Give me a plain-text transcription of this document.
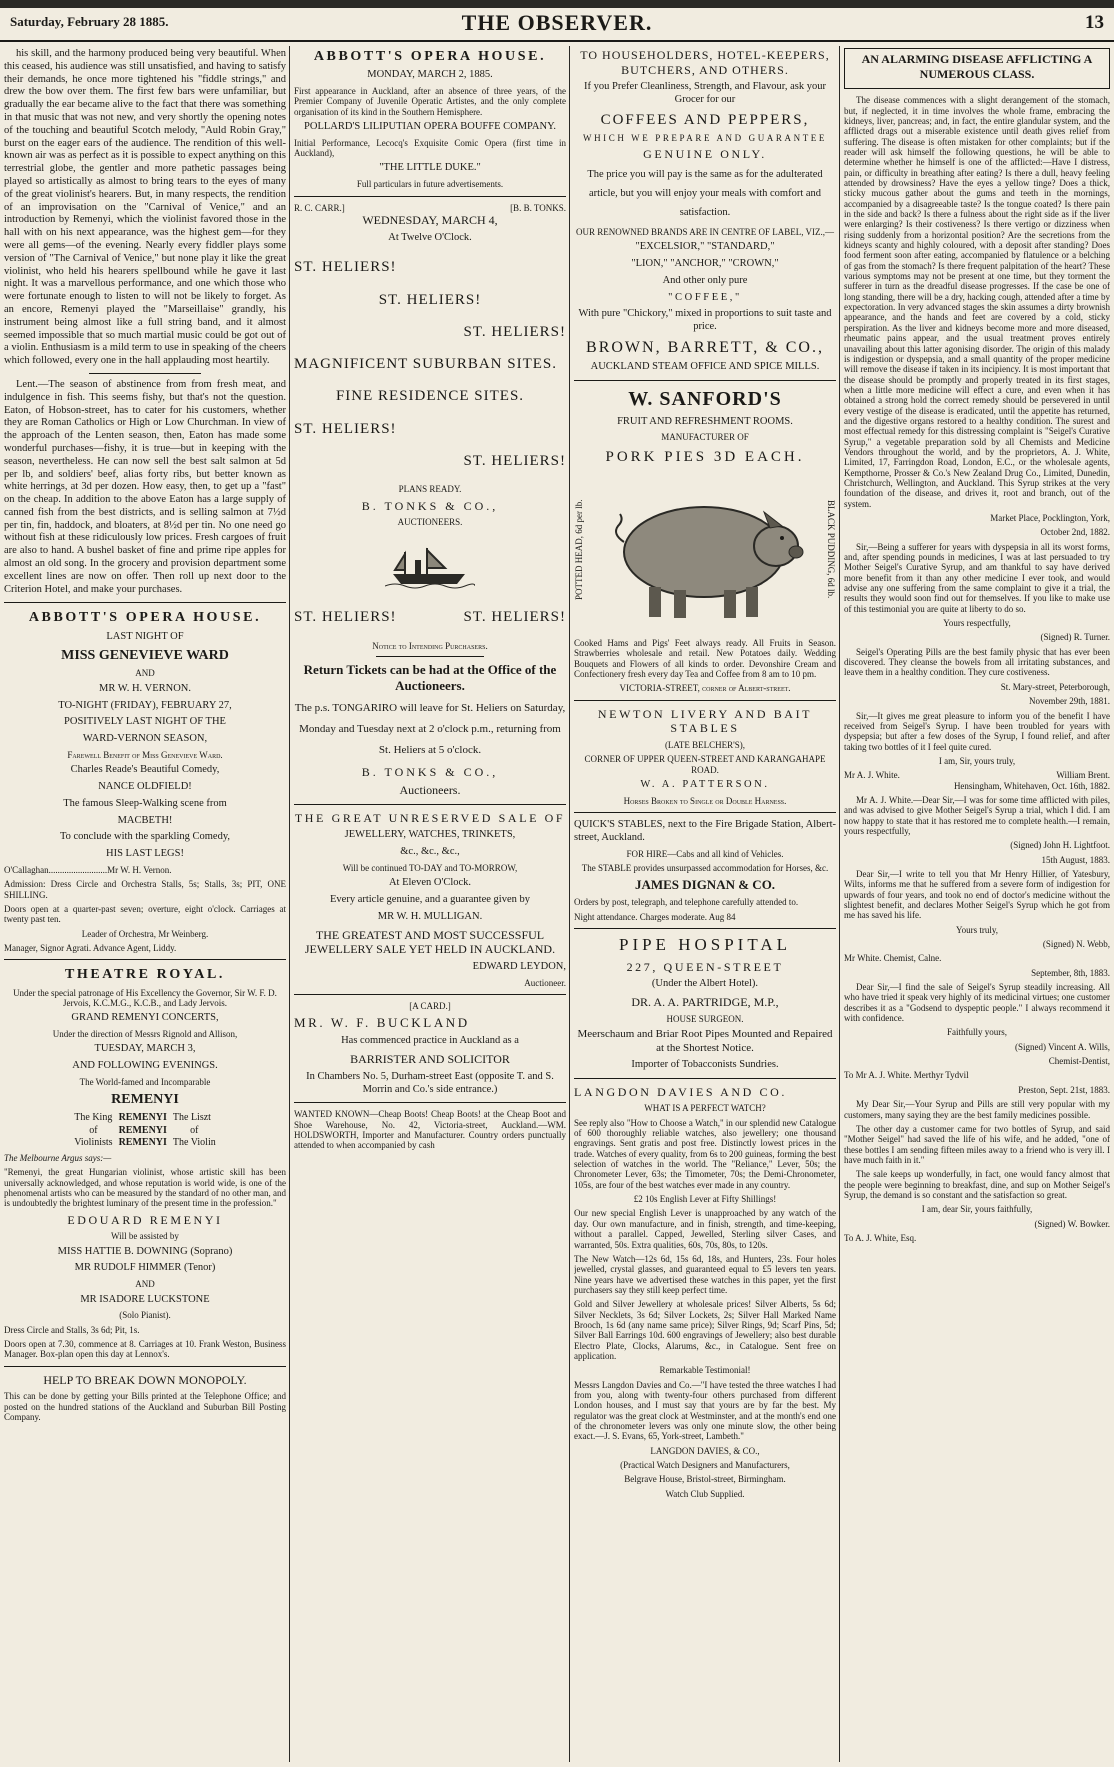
Saturday, February 28 1885.	THE OBSERVER.	13

his skill, and the harmony produced being very beautiful. When this ceased, his audience was still unsatisfied, and having to satisfy their demands, he once more tightened his "fiddle strings," and drew the bow over them. The first few bars were unfamiliar, but gradually the ear became alive to the fact that there was something in that music that was not new, and very shortly the opening notes of the touching and beautiful Scotch melody, "Auld Robin Gray," burst on the eager ears of the audience. The rendition of this well-known air was as perfect as it is possible to expect anything on this terrestrial globe, the gentler and more pathetic passages being played so artistically as almost to bring tears to the eyes of many of the great violinist's hearers. But, in many respects, the rendition of an improvisation on the "Carnival of Venice," and an introduction by Remenyi, which the violinist favored those in the hall with on his next appearance, was the highest gem—for they were all gems—of the evening. Nearly every fiddler plays some version of "The Carnival of Venice," but none play it like the great violinist, who held his hearers spellbound while he gave it last night. It was a marvellous performance, and one which those who were fortunate enough to listen to will not be likely to forget. As an encore, Remenyi played the "Marseillaise" grandly, his instrument being almost like a full string band, and it almost seemed impossible that so much martial music could be got out of a violin. Enthusiasm is a mild term to use in speaking of the cheers which followed, every one in the hall applauding most heartily.

Lent.—The season of abstinence from from fresh meat, and indulgence in fish. This seems fishy, but that's not the question. Eaton, of Hobson-street, has to cater for his customers, whether they are Roman Catholics or High or Low Churchman. In view of the approach of the Lenten season, then, Eaton has made some wonderful purchases—fishy, it is true—but in keeping with the season, nevertheless. He can now sell the best salt salmon at 5d per lb, and soldiers' beef, alias forty ribs, but better known as white herrings, at 3d per dozen. How easy, then, to get up a "fast" on the cheap. In addition to the above Eaton has a large supply of canned fish from the best districts, and is selling salmon at 7½d per tin, fin, haddock, and bloaters, at 8½d per tin. No one need go without fish at these ridiculously low prices. Fresh cargoes of fruit are also to hand. A bushel basket of fine and prime ripe apples for almost an old song. In the grocery and provision department some excellent lines are now on offer. Then roll up next door to the Criterion Hotel, and make your purchases.

ABBOTT'S OPERA HOUSE.

LAST NIGHT OF

MISS GENEVIEVE WARD

AND

MR W. H. VERNON.

TO-NIGHT (FRIDAY), FEBRUARY 27,

POSITIVELY LAST NIGHT OF THE

WARD-VERNON SEASON,

Farewell Benefit of Miss Genevieve Ward.

Charles Reade's Beautiful Comedy,

NANCE OLDFIELD!

The famous Sleep-Walking scene from

MACBETH!

To conclude with the sparkling Comedy,

HIS LAST LEGS!

O'Callaghan..........................Mr W. H. Vernon.

Admission: Dress Circle and Orchestra Stalls, 5s; Stalls, 3s; PIT, ONE SHILLING.

Doors open at a quarter-past seven; overture, eight o'clock. Carriages at twenty past ten.

Leader of Orchestra, Mr Weinberg.

Manager, Signor Agrati. Advance Agent, Liddy.

THEATRE ROYAL.

Under the special patronage of His Excellency the Governor, Sir W. F. D. Jervois, K.C.M.G., K.C.B., and Lady Jervois.

GRAND REMENYI CONCERTS,

Under the direction of Messrs Rignold and Allison,

TUESDAY, MARCH 3,

AND FOLLOWING EVENINGS.

The World-famed and Incomparable

REMENYI

The King
of
Violinists
REMENYI
REMENYI
REMENYI
The Liszt
of
The Violin

The Melbourne Argus says:—

"Remenyi, the great Hungarian violinist, whose artistic skill has been universally acknowledged, and whose reputation is world wide, is one of the phenomenal artists who can be measured by the standard of no other man, and is undoubtedly the brightest luminary of the present time in the profession."

EDOUARD REMENYI

Will be assisted by

MISS HATTIE B. DOWNING (Soprano)

MR RUDOLF HIMMER (Tenor)

AND

MR ISADORE LUCKSTONE

(Solo Pianist).

Dress Circle and Stalls, 3s 6d; Pit, 1s.

Doors open at 7.30, commence at 8. Carriages at 10. Frank Weston, Business Manager. Box-plan open this day at Lennox's.

HELP TO BREAK DOWN MONOPOLY.

This can be done by getting your Bills printed at the Telephone Office; and posted on the hundred stations of the Auckland and Suburban Bill Posting Company.

ABBOTT'S OPERA HOUSE.

MONDAY, MARCH 2, 1885.

First appearance in Auckland, after an absence of three years, of the Premier Company of Juvenile Operatic Artistes, and the only complete organisation of its kind in the Southern Hemisphere.

POLLARD'S LILIPUTIAN OPERA BOUFFE COMPANY.

Initial Performance, Lecocq's Exquisite Comic Opera (first time in Auckland),

"THE LITTLE DUKE."

Full particulars in future advertisements.

R. C. CARR.]	[B. B. TONKS.

WEDNESDAY, MARCH 4,

At Twelve O'Clock.

ST. HELIERS!

ST. HELIERS!

ST. HELIERS!

MAGNIFICENT SUBURBAN SITES.

FINE RESIDENCE SITES.

ST. HELIERS!

ST. HELIERS!

PLANS READY.

B. TONKS & CO.,

AUCTIONEERS.

ST. HELIERS!	ST. HELIERS!

Notice to Intending Purchasers.

Return Tickets can be had at the Office of the Auctioneers.

The p.s. TONGARIRO will leave for St. Heliers on Saturday, Monday and Tuesday next at 2 o'clock p.m., returning from St. Heliers at 5 o'clock.

B. TONKS & CO.,

Auctioneers.

THE GREAT UNRESERVED SALE OF

JEWELLERY, WATCHES, TRINKETS,

&c., &c., &c.,

Will be continued TO-DAY and TO-MORROW,

At Eleven O'Clock.

Every article genuine, and a guarantee given by

MR W. H. MULLIGAN.

THE GREATEST AND MOST SUCCESSFUL JEWELLERY SALE YET HELD IN AUCKLAND.

EDWARD LEYDON,

Auctioneer.

[A CARD.]

MR. W. F. BUCKLAND

Has commenced practice in Auckland as a

BARRISTER AND SOLICITOR

In Chambers No. 5, Durham-street East (opposite T. and S. Morrin and Co.'s side entrance.)

WANTED KNOWN—Cheap Boots! Cheap Boots! at the Cheap Boot and Shoe Warehouse, No. 42, Victoria-street, Auckland.—WM. HOLDSWORTH, Importer and Manufacturer. Country orders punctually attended to when accompanied by cash

TO HOUSEHOLDERS, HOTEL-KEEPERS, BUTCHERS, AND OTHERS.

If you Prefer Cleanliness, Strength, and Flavour, ask your Grocer for our

COFFEES AND PEPPERS,

WHICH WE PREPARE AND GUARANTEE

GENUINE ONLY.

The price you will pay is the same as for the adulterated article, but you will enjoy your meals with comfort and satisfaction.

OUR RENOWNED BRANDS ARE IN CENTRE OF LABEL, VIZ.,—

"EXCELSIOR," "STANDARD,"

"LION," "ANCHOR," "CROWN,"

And other only pure

"COFFEE,"

With pure "Chickory," mixed in proportions to suit taste and price.

BROWN, BARRETT, & CO.,

AUCKLAND STEAM OFFICE AND SPICE MILLS.

W. SANFORD'S

FRUIT AND REFRESHMENT ROOMS.

MANUFACTURER OF

PORK PIES 3D EACH.

POTTED HEAD, 6d per lb.	BLACK PUDDING, 6d lb.

Cooked Hams and Pigs' Feet always ready. All Fruits in Season. Strawberries wholesale and retail. New Potatoes daily. Wedding Bouquets and Flowers of all kinds to order. Devonshire Cream and Confectionery fresh every day Tea and Coffee from 8 am to 10 pm.

VICTORIA-STREET, corner of Albert-street.

NEWTON LIVERY AND BAIT STABLES

(LATE BELCHER'S),

CORNER OF UPPER QUEEN-STREET AND KARANGAHAPE ROAD.

W. A. PATTERSON.

Horses Broken to Single or Double Harness.

QUICK'S STABLES, next to the Fire Brigade Station, Albert-street, Auckland.

FOR HIRE—Cabs and all kind of Vehicles.

The STABLE provides unsurpassed accommodation for Horses, &c.

JAMES DIGNAN & CO.

Orders by post, telegraph, and telephone carefully attended to.

Night attendance. Charges moderate. Aug 84

PIPE HOSPITAL

227, QUEEN-STREET

(Under the Albert Hotel).

DR. A. A. PARTRIDGE, M.P.,

HOUSE SURGEON.

Meerschaum and Briar Root Pipes Mounted and Repaired at the Shortest Notice.

Importer of Tobacconists Sundries.

LANGDON DAVIES AND CO.

WHAT IS A PERFECT WATCH?

See reply also "How to Choose a Watch," in our splendid new Catalogue of 600 thoroughly reliable watches, also jewellery; one thousand engravings. Sent gratis and post free. Distinctly lowest prices in the trade. Watches of every quality, from 6s to 200 guineas, forming the best selection of watches in the world. The "Reliance," Lever, 50s; the Chronometer Lever, 63s; the Timometer, 70s; the Demi-Chronometer, 105s, are four of the best watches ever made in any country.

£2 10s English Lever at Fifty Shillings!

Our new special English Lever is unapproached by any watch of the day. Our own manufacture, and in finish, strength, and time-keeping, without a parallel. Capped, Jewelled, Sterling silver Cases, and warranted, 50s. Extra qualities, 60s, 70s, 80s, to 120s.

The New Watch—12s 6d, 15s 6d, 18s, and Hunters, 23s. Four holes jewelled, crystal glasses, and guaranteed equal to £5 levers ten years. Nine years have we advertised these watches in this paper, yet the first purchasers say they still keep perfect time.

Gold and Silver Jewellery at wholesale prices! Silver Alberts, 5s 6d; Silver Necklets, 3s 6d; Silver Lockets, 2s; Silver Hall Marked Name Brooch, 1s 6d (any name same price); Silver Rings, 9d; Scarf Pins, 5d; Silver Ball Earrings 10d. 600 engravings of Jewellery; also best durable Electro Plate, Clocks, Alarums, &c., in Catalogue. Sent free on application.

Remarkable Testimonial!

Messrs Langdon Davies and Co.—"I have tested the three watches I had from you, along with twenty-four others purchased from different London houses, and I must say that yours are by far the best. My regulator was the great clock at Westminster, and at the month's end one of the chronometer levers was only one minute slow, the other being exact.—J. S. Evans, 65, York-street, Lambeth."

LANGDON DAVIES, & CO.,

(Practical Watch Designers and Manufacturers,

Belgrave House, Bristol-street, Birmingham.

Watch Club Supplied.

AN ALARMING DISEASE AFFLICTING A NUMEROUS CLASS.

The disease commences with a slight derangement of the stomach, but, if neglected, it in time involves the whole frame, embracing the kidneys, liver, pancreas; and, in fact, the entire glandular system, and the afflicted drags out a miserable existence until death gives relief from suffering. The disease is often mistaken for other complaints; but if the reader will ask himself the following questions, he will be able to determine whether he himself is one of the afflicted:—Have I distress, pain, or difficulty in breathing after eating? Is there a dull, heavy feeling attended by drowsiness? Have the eyes a yellow tinge? Does a thick, sticky mucous gather about the gums and teeth in the mornings, accompanied by a disagreeable taste? Is the tongue coated? Is there pain in the side and back? Is there a fulness about the right side as if the liver were enlarging? Is their costiveness? Is there vertigo or dizziness when rising suddenly from a horizontal position? Are the secretions from the kidneys scanty and highly coloured, with a deposit after standing? Does food ferment soon after eating, accompanied by flatulence or a belching of gas from the stomach? Is there frequent palpitation of the heart? These various symptoms may not be present at one time, but they torment the sufferer in turn as the dreadful disease progresses. If the case be one of long standing, there will be a dry, hacking cough, attended after a time by expectoration. In very advanced stages the skin assumes a dirty brownish appearance, and the hands and feet are covered by a cold, sticky perspiration. As the liver and kidneys become more and more diseased, rheumatic pains appear, and the usual treatment proves entirely unavailing about this latter agonising disorder. The origin of this malady is indigestion or dyspepsia, and a small quantity of the proper medicine will remove the disease if taken in its incipiency. It is most important that the disease should be promptly and properly treated in its first stages, when a little more medicine will effect a cure, and even when it has obtained a strong hold the correct remedy should be persevered in until every vestige of the disease is eradicated, until the appetite has returned, and the digestive organs restored to a healthy condition. The surest and most effectual remedy for this distressing complaint is "Seigel's Curative Syrup," a vegetable preparation sold by all Chemists and Medicine Vendors throughout the world, and by the proprietors, A. J. White, Limited, 17, Farringdon Road, London, E.C., or the wholesale agents, Kempthorne, Prosser & Co.'s New Zealand Drug Co., Limited, Dunedin, Christchurch, Wellington, and Auckland. This Syrup strikes at the very foundation of the disease, and drives it, root and branch, out of the system.

Market Place, Pocklington, York,

October 2nd, 1882.

Sir,—Being a sufferer for years with dyspepsia in all its worst forms, and, after spending pounds in medicines, I was at last persuaded to try Mother Seigel's Curative Syrup, and am thankful to say have derived more benefit from it than any other medicine I ever took, and would advise any one suffering from the same complaint to give it a trial, the results they would soon find out for themselves. If you like to make use of this testimonial you are quite at liberty to do so.

Yours respectfully,

(Signed) R. Turner.

Seigel's Operating Pills are the best family physic that has ever been discovered. They cleanse the bowels from all irritating substances, and leave them in a healthy condition. They cure costiveness.

St. Mary-street, Peterborough,

November 29th, 1881.

Sir,—It gives me great pleasure to inform you of the benefit I have received from Seigel's Syrup. I have been troubled for years with dyspepsia; but after a few doses of the Syrup, I found relief, and after taking two bottles of it I feel quite cured.

I am, Sir, yours truly,

Mr A. J. White.	William Brent.

Hensingham, Whitehaven, Oct. 16th, 1882.

Mr A. J. White.—Dear Sir,—I was for some time afflicted with piles, and was advised to give Mother Seigel's Syrup a trial, which I did. I am now happy to state that it has restored me to complete health.—I remain, yours respectfully,

(Signed) John H. Lightfoot.

15th August, 1883.

Dear Sir,—I write to tell you that Mr Henry Hillier, of Yatesbury, Wilts, informs me that he suffered from a severe form of indigestion for upwards of four years, and took no end of doctor's medicine without the slightest benefit, and declares Mother Seigel's Syrup which he got from me has saved his life.

Yours truly,

(Signed) N. Webb,

Mr White. Chemist, Calne.

September, 8th, 1883.

Dear Sir,—I find the sale of Seigel's Syrup steadily increasing. All who have tried it speak very highly of its medicinal virtues; one customer describes it as a "Godsend to dyspeptic people." I always recommend it with confidence.

Faithfully yours,

(Signed) Vincent A. Wills,

Chemist-Dentist,

To Mr A. J. White. Merthyr Tydvil

Preston, Sept. 21st, 1883.

My Dear Sir,—Your Syrup and Pills are still very popular with my customers, many saying they are the best family medicines possible.

The other day a customer came for two bottles of Syrup, and said "Mother Seigel" had saved the life of his wife, and he added, "one of these bottles I am sending fifteen miles away to a friend who is very ill. I have much faith in it."

The sale keeps up wonderfully, in fact, one would fancy almost that the people were beginning to breakfast, dine, and sup on Mother Seigel's Syrup, the demand is so constant and the satisfaction so great.

I am, dear Sir, yours faithfully,

(Signed) W. Bowker.

To A. J. White, Esq.
